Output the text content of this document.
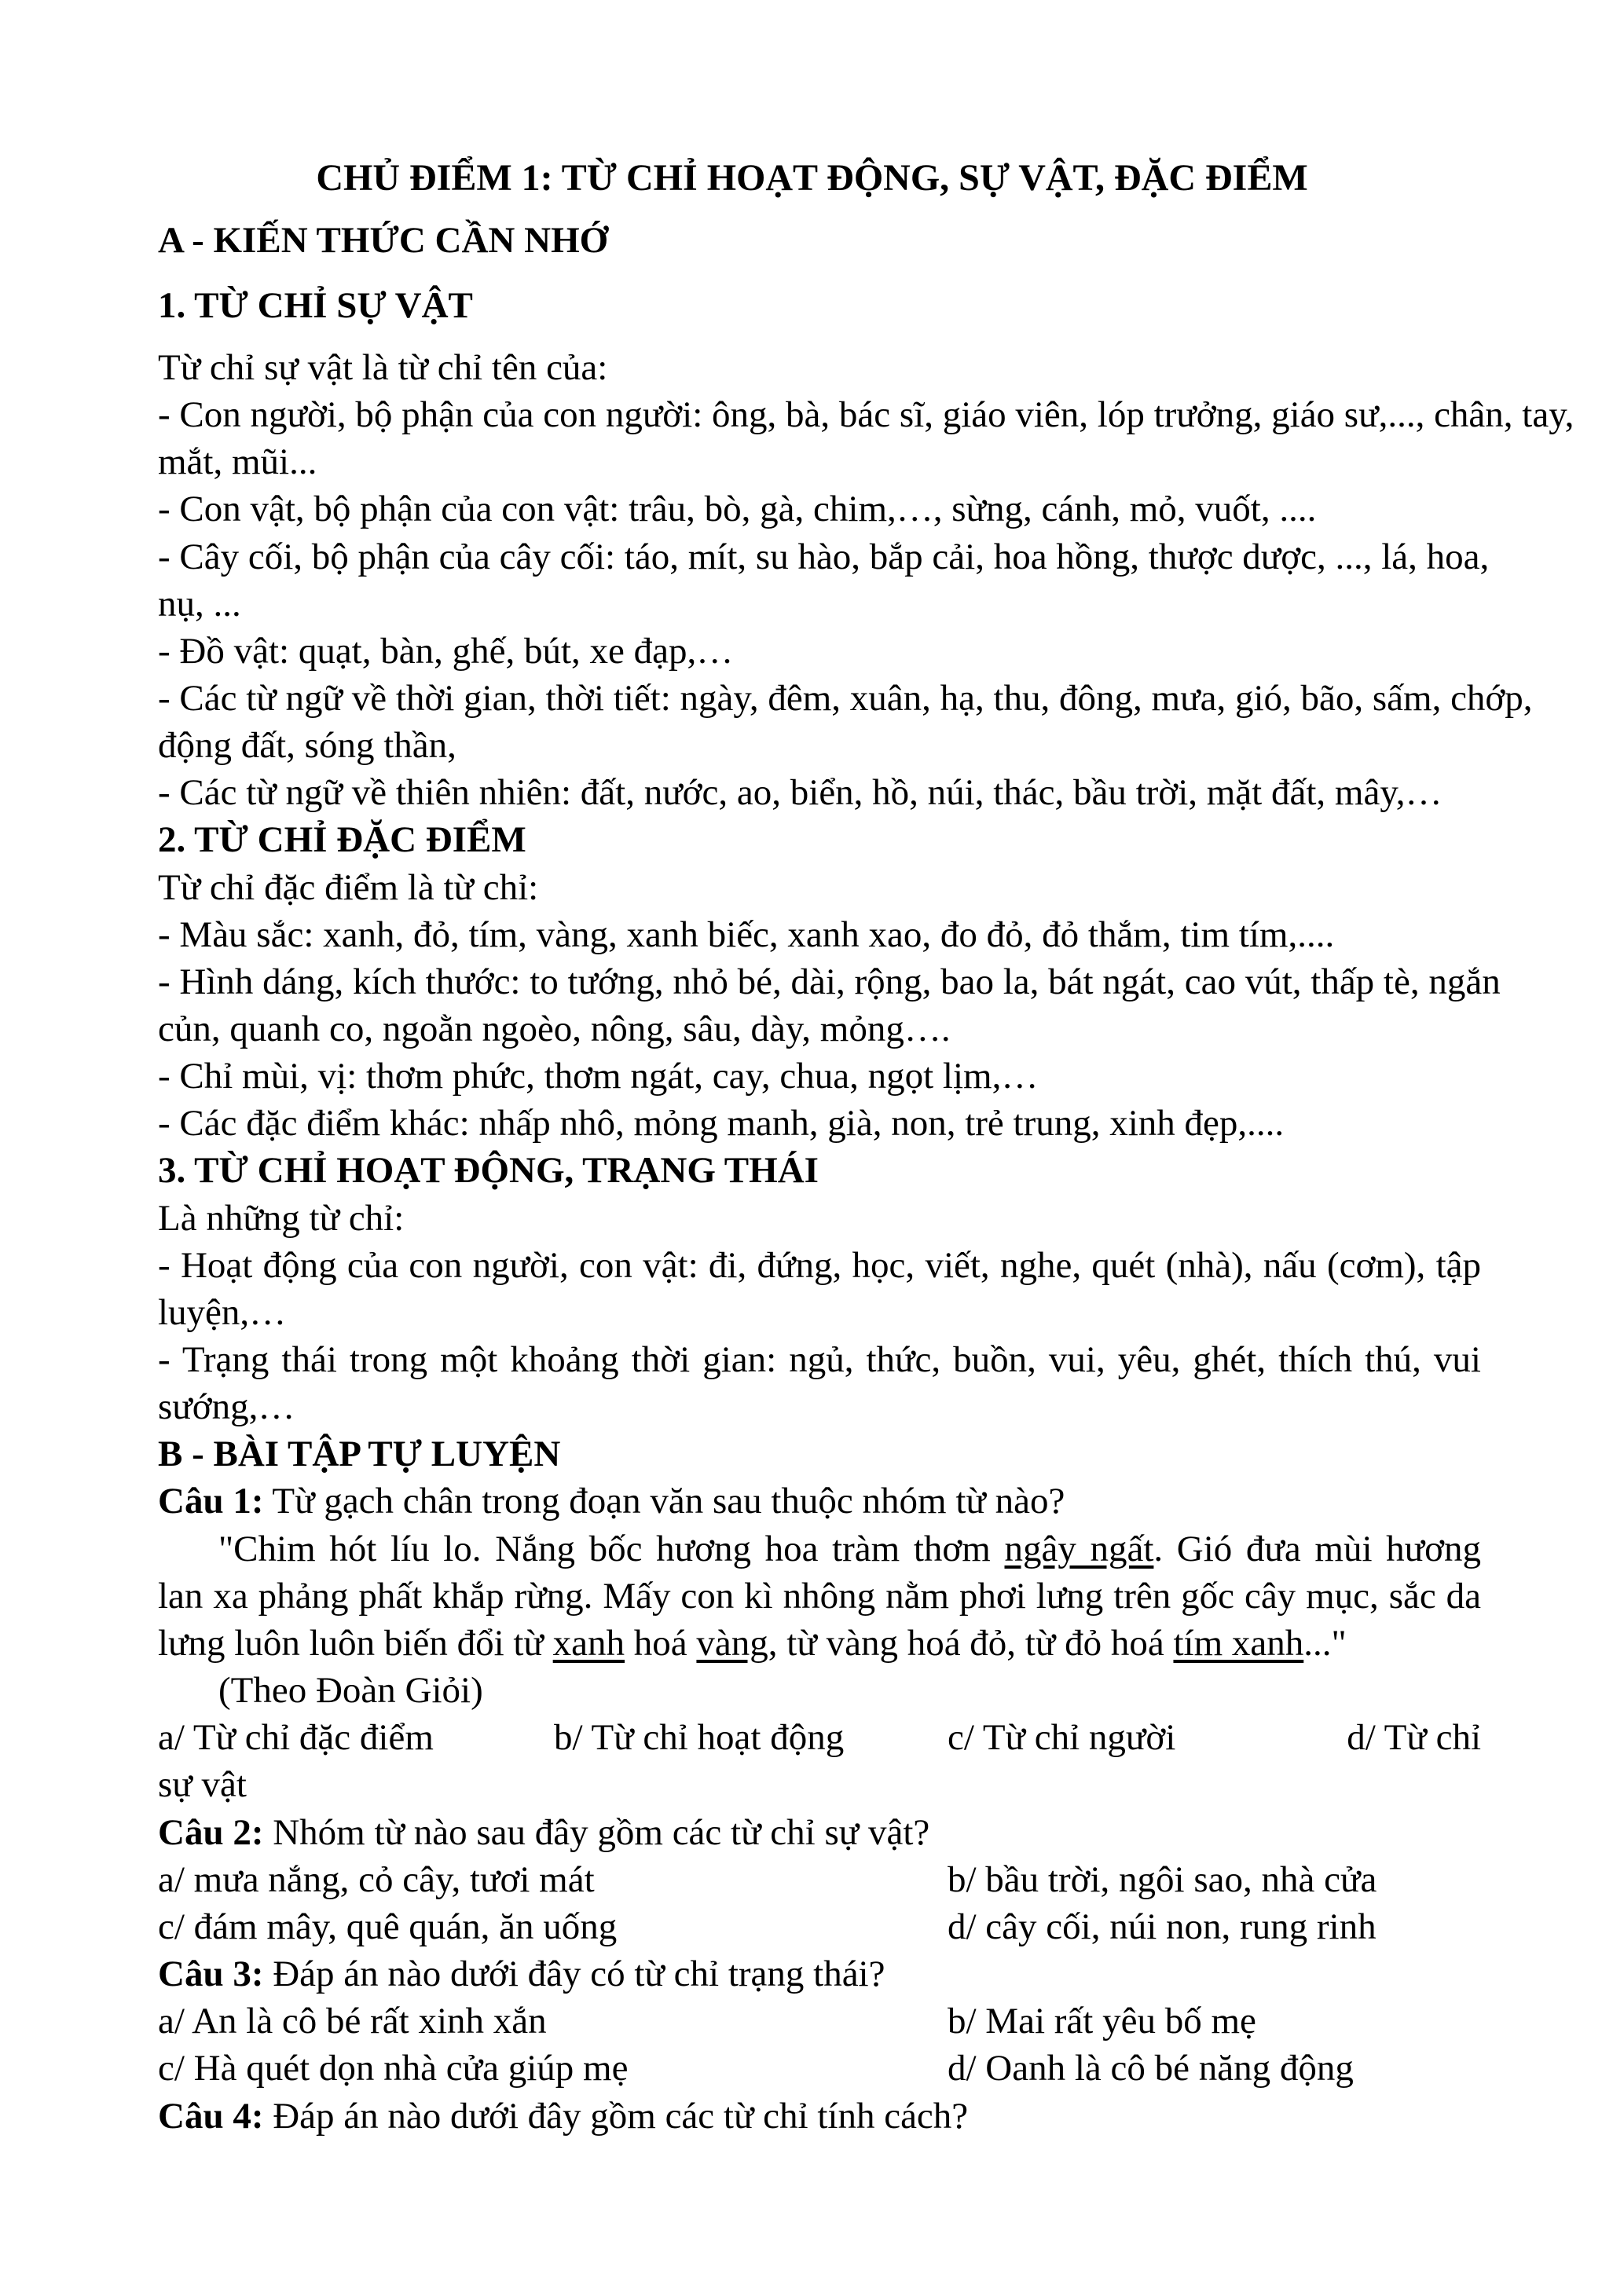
CHỦ ĐIỂM 1: TỪ CHỈ HOẠT ĐỘNG, SỰ VẬT, ĐẶC ĐIỂM
A - KIẾN THỨC CẦN NHỚ
1. TỪ CHỈ SỰ VẬT
Từ chỉ sự vật là từ chỉ tên của:
- Con người, bộ phận của con người: ông, bà, bác sĩ, giáo viên, lóp trưởng, giáo sư,..., chân, tay,
mắt, mũi...
- Con vật, bộ phận của con vật: trâu, bò, gà, chim,…, sừng, cánh, mỏ, vuốt, ....
- Cây cối, bộ phận của cây cối: táo, mít, su hào, bắp cải, hoa hồng, thược dược, ..., lá, hoa,
nụ, ...
- Đồ vật: quạt, bàn, ghế, bút, xe đạp,…
- Các từ ngữ về thời gian, thời tiết: ngày, đêm, xuân, hạ, thu, đông, mưa, gió, bão, sấm, chớp,
động đất, sóng thần,
- Các từ ngữ về thiên nhiên: đất, nước, ao, biển, hồ, núi, thác, bầu trời, mặt đất, mây,…
2. TỪ CHỈ ĐẶC ĐIỂM
Từ chỉ đặc điểm là từ chỉ:
- Màu sắc: xanh, đỏ, tím, vàng, xanh biếc, xanh xao, đo đỏ, đỏ thắm, tim tím,....
- Hình dáng, kích thước: to tướng, nhỏ bé, dài, rộng, bao la, bát ngát, cao vút, thấp tè, ngắn
củn, quanh co, ngoằn ngoèo, nông, sâu, dày, mỏng….
- Chỉ mùi, vị: thơm phức, thơm ngát, cay, chua, ngọt lịm,…
- Các đặc điểm khác: nhấp nhô, mỏng manh, già, non, trẻ trung, xinh đẹp,....
3. TỪ CHỈ HOẠT ĐỘNG, TRẠNG THÁI
Là những từ chỉ:
- Hoạt động của con người, con vật: đi, đứng, học, viết, nghe, quét (nhà), nấu (cơm), tập
luyện,…
- Trạng thái trong một khoảng thời gian: ngủ, thức, buồn, vui, yêu, ghét, thích thú, vui
sướng,…
B - BÀI TẬP TỰ LUYỆN
Câu 1: Từ gạch chân trong đoạn văn sau thuộc nhóm từ nào?
"Chim hót líu lo. Nắng bốc hương hoa tràm thơm ngây ngất. Gió đưa mùi hương
lan xa phảng phất khắp rừng. Mấy con kì nhông nằm phơi lưng trên gốc cây mục, sắc da
lưng luôn luôn biến đổi từ xanh hoá vàng, từ vàng hoá đỏ, từ đỏ hoá tím xanh..."
(Theo Đoàn Giỏi)
a/ Từ chỉ đặc điểm	b/ Từ chỉ hoạt động	c/ Từ chỉ người	d/ Từ chỉ
sự vật
Câu 2: Nhóm từ nào sau đây gồm các từ chỉ sự vật?
a/ mưa nắng, cỏ cây, tươi mát	b/ bầu trời, ngôi sao, nhà cửa
c/ đám mây, quê quán, ăn uống	d/ cây cối, núi non, rung rinh
Câu 3: Đáp án nào dưới đây có từ chỉ trạng thái?
a/ An là cô bé rất xinh xắn	b/ Mai rất yêu bố mẹ
c/ Hà quét dọn nhà cửa giúp mẹ	d/ Oanh là cô bé năng động
Câu 4: Đáp án nào dưới đây gồm các từ chỉ tính cách?
